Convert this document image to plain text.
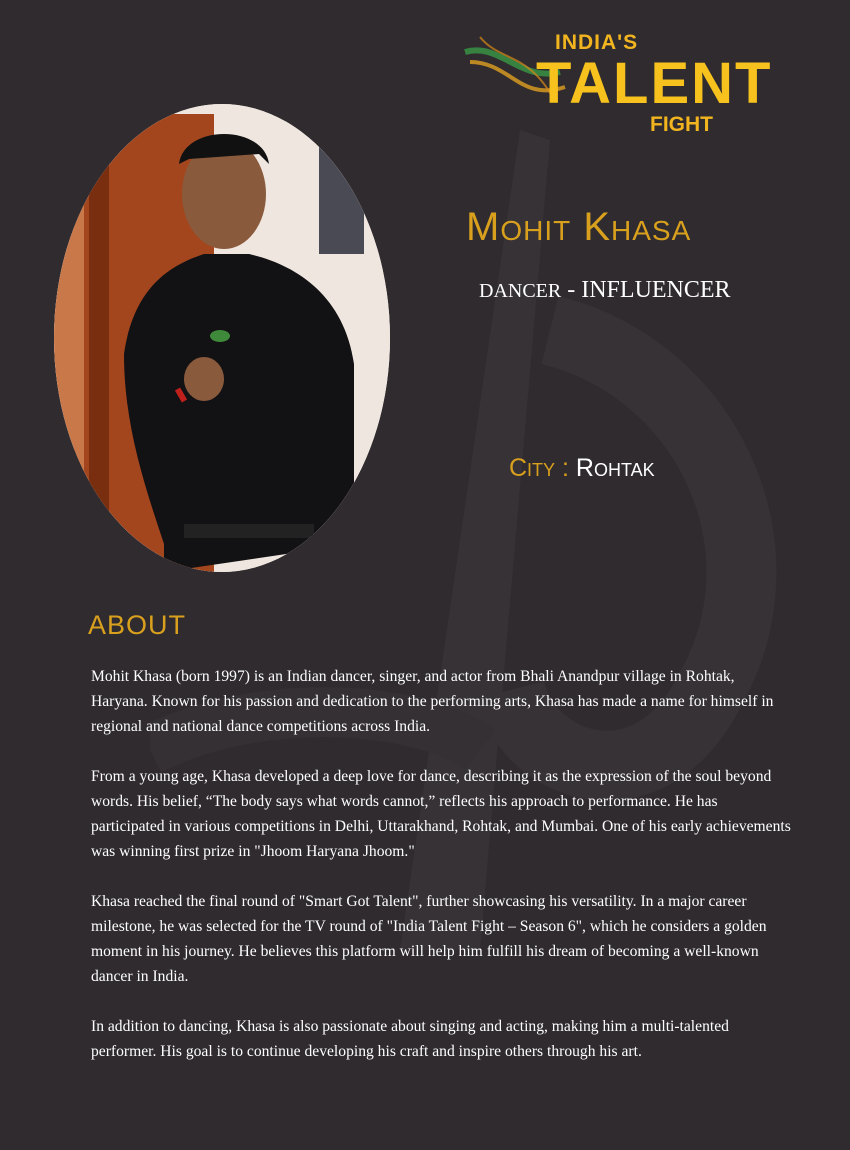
INDIA'S
TALENT
FIGHT
Mohit Khasa
DANCER - INFLUENCER
City : Rohtak
ABOUT

Mohit Khasa (born 1997) is an Indian dancer, singer, and actor from Bhali Anandpur village in Rohtak, Haryana. Known for his passion and dedication to the performing arts, Khasa has made a name for himself in regional and national dance competitions across India.

From a young age, Khasa developed a deep love for dance, describing it as the expression of the soul beyond words. His belief, “The body says what words cannot,” reflects his approach to performance. He has participated in various competitions in Delhi, Uttarakhand, Rohtak, and Mumbai. One of his early achievements was winning first prize in "Jhoom Haryana Jhoom."

Khasa reached the final round of "Smart Got Talent", further showcasing his versatility. In a major career milestone, he was selected for the TV round of "India Talent Fight – Season 6", which he considers a golden moment in his journey. He believes this platform will help him fulfill his dream of becoming a well-known dancer in India.

In addition to dancing, Khasa is also passionate about singing and acting, making him a multi-talented performer. His goal is to continue developing his craft and inspire others through his art.
